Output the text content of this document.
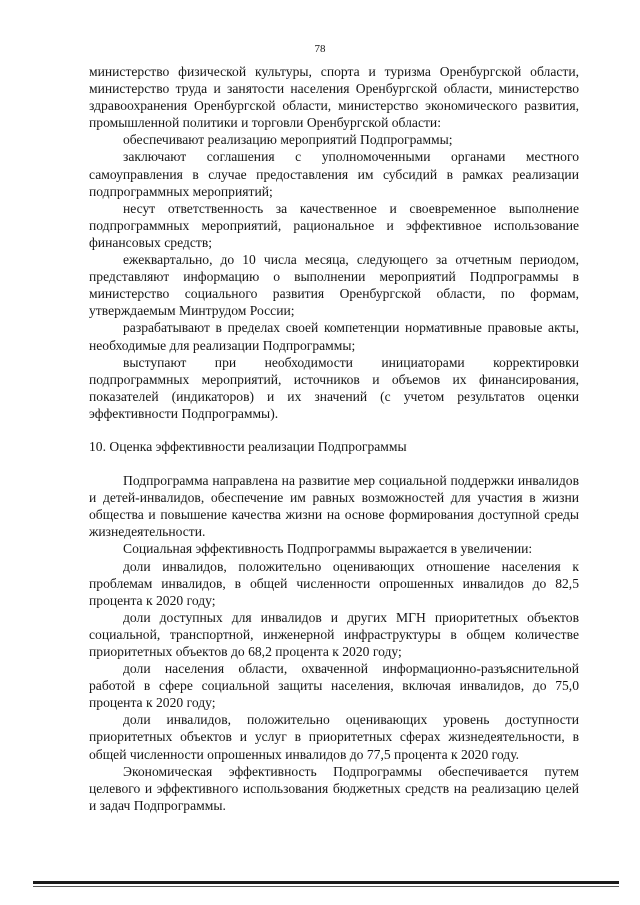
78

министерство физической культуры, спорта и туризма Оренбургской области, министерство труда и занятости населения Оренбургской области, министерство здравоохранения Оренбургской области, министерство экономического развития, промышленной политики и торговли Оренбургской области:

обеспечивают реализацию мероприятий Подпрограммы;

заключают соглашения с уполномоченными органами местного самоуправления в случае предоставления им субсидий в рамках реализации подпрограммных мероприятий;

несут ответственность за качественное и своевременное выполнение подпрограммных мероприятий, рациональное и эффективное использование финансовых средств;

ежеквартально, до 10 числа месяца, следующего за отчетным периодом, представляют информацию о выполнении мероприятий Подпрограммы в министерство социального развития Оренбургской области, по формам, утверждаемым Минтрудом России;

разрабатывают в пределах своей компетенции нормативные правовые акты, необходимые для реализации Подпрограммы;

выступают при необходимости инициаторами корректировки подпрограммных мероприятий, источников и объемов их финансирования, показателей (индикаторов) и их значений (с учетом результатов оценки эффективности Подпрограммы).

10. Оценка эффективности реализации Подпрограммы

Подпрограмма направлена на развитие мер социальной поддержки инвалидов и детей-инвалидов, обеспечение им равных возможностей для участия в жизни общества и повышение качества жизни на основе формирования доступной среды жизнедеятельности.

Социальная эффективность Подпрограммы выражается в увеличении:

доли инвалидов, положительно оценивающих отношение населения к проблемам инвалидов, в общей численности опрошенных инвалидов до 82,5 процента к 2020 году;

доли доступных для инвалидов и других МГН приоритетных объектов социальной, транспортной, инженерной инфраструктуры в общем количестве приоритетных объектов до 68,2 процента к 2020 году;

доли населения области, охваченной информационно-разъяснительной работой в сфере социальной защиты населения, включая инвалидов, до 75,0 процента к 2020 году;

доли инвалидов, положительно оценивающих уровень доступности приоритетных объектов и услуг в приоритетных сферах жизнедеятельности, в общей численности опрошенных инвалидов до 77,5 процента к 2020 году.

Экономическая эффективность Подпрограммы обеспечивается путем целевого и эффективного использования бюджетных средств на реализацию целей и задач Подпрограммы.
